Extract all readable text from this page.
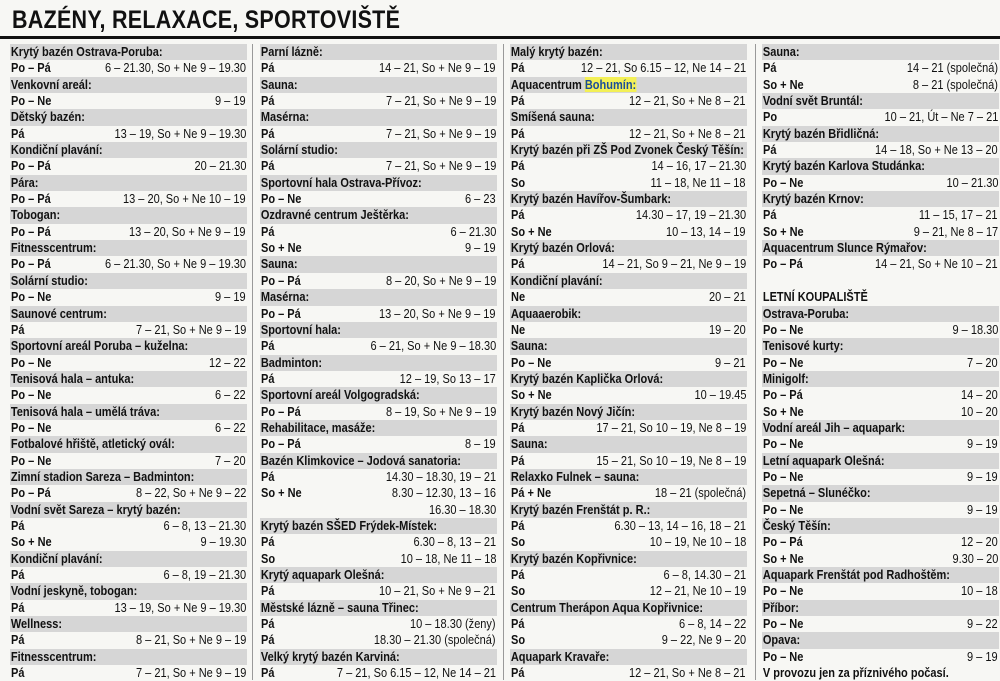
BAZÉNY, RELAXACE, SPORTOVIŠTĚ
Krytý bazén Ostrava-Poruba:
Po – Pá	6 – 21.30, So + Ne 9 – 19.30
Venkovní areál:
Po – Ne	9 – 19
Dětský bazén:
Pá	13 – 19, So + Ne 9 – 19.30
Kondiční plavání:
Po – Pá	20 – 21.30
Pára:
Po – Pá	13 – 20, So + Ne 10 – 19
Tobogan:
Po – Pá	13 – 20, So + Ne 9 – 19
Fitnesscentrum:
Po – Pá	6 – 21.30, So + Ne 9 – 19.30
Solární studio:
Po – Ne	9 – 19
Saunové centrum:
Pá	7 – 21, So + Ne 9 – 19
Sportovní areál Poruba – kuželna:
Po – Ne	12 – 22
Tenisová hala – antuka:
Po – Ne	6 – 22
Tenisová hala – umělá tráva:
Po – Ne	6 – 22
Fotbalové hřiště, atletický ovál:
Po – Ne	7 – 20
Zimní stadion Sareza – Badminton:
Po – Pá	8 – 22, So + Ne 9 – 22
Vodní svět Sareza – krytý bazén:
Pá	6 – 8, 13 – 21.30
So + Ne	9 – 19.30
Kondiční plavání:
Pá	6 – 8, 19 – 21.30
Vodní jeskyně, tobogan:
Pá	13 – 19, So + Ne 9 – 19.30
Wellness:
Pá	8 – 21, So + Ne 9 – 19
Fitnesscentrum:
Pá	7 – 21, So + Ne 9 – 19
Parní lázně:
Pá	14 – 21, So + Ne 9 – 19
Sauna:
Pá	7 – 21, So + Ne 9 – 19
Masérna:
Pá	7 – 21, So + Ne 9 – 19
Solární studio:
Pá	7 – 21, So + Ne 9 – 19
Sportovní hala Ostrava-Přívoz:
Po – Ne	6 – 23
Ozdravné centrum Ještěrka:
Pá	6 – 21.30
So + Ne	9 – 19
Sauna:
Po – Pá	8 – 20, So + Ne 9 – 19
Masérna:
Po – Pá	13 – 20, So + Ne 9 – 19
Sportovní hala:
Pá	6 – 21, So + Ne 9 – 18.30
Badminton:
Pá	12 – 19, So 13 – 17
Sportovní areál Volgogradská:
Po – Pá	8 – 19, So + Ne 9 – 19
Rehabilitace, masáže:
Po – Pá	8 – 19
Bazén Klimkovice – Jodová sanatoria:
Pá	14.30 – 18.30, 19 – 21
So + Ne	8.30 – 12.30, 13 – 16
16.30 – 18.30
Krytý bazén SŠED Frýdek-Místek:
Pá	6.30 – 8, 13 – 21
So	10 – 18, Ne 11 – 18
Krytý aquapark Olešná:
Pá	10 – 21, So + Ne 9 – 21
Městské lázně – sauna Třinec:
Pá	10 – 18.30 (ženy)
Pá	18.30 – 21.30 (společná)
Velký krytý bazén Karviná:
Pá	7 – 21, So 6.15 – 12, Ne 14 – 21
Malý krytý bazén:
Pá	12 – 21, So 6.15 – 12, Ne 14 – 21
Aquacentrum Bohumín:
Pá	12 – 21, So + Ne 8 – 21
Smíšená sauna:
Pá	12 – 21, So + Ne 8 – 21
Krytý bazén při ZŠ Pod Zvonek Český Těšín:
Pá	14 – 16, 17 – 21.30
So	11 – 18, Ne 11 – 18
Krytý bazén Havířov-Šumbark:
Pá	14.30 – 17, 19 – 21.30
So + Ne	10 – 13, 14 – 19
Krytý bazén Orlová:
Pá	14 – 21, So 9 – 21, Ne 9 – 19
Kondiční plavání:
Ne	20 – 21
Aquaaerobik:
Ne	19 – 20
Sauna:
Po – Ne	9 – 21
Krytý bazén Kaplička Orlová:
So + Ne	10 – 19.45
Krytý bazén Nový Jičín:
Pá	17 – 21, So 10 – 19, Ne 8 – 19
Sauna:
Pá	15 – 21, So 10 – 19, Ne 8 – 19
Relaxko Fulnek – sauna:
Pá + Ne	18 – 21 (společná)
Krytý bazén Frenštát p. R.:
Pá	6.30 – 13, 14 – 16, 18 – 21
So	10 – 19, Ne 10 – 18
Krytý bazén Kopřivnice:
Pá	6 – 8, 14.30 – 21
So	12 – 21, Ne 10 – 19
Centrum Therápon Aqua Kopřivnice:
Pá	6 – 8, 14 – 22
So	9 – 22, Ne 9 – 20
Aquapark Kravaře:
Pá	12 – 21, So + Ne 8 – 21
Sauna:
Pá	14 – 21 (společná)
So + Ne	8 – 21 (společná)
Vodní svět Bruntál:
Po	10 – 21, Út – Ne 7 – 21
Krytý bazén Břidličná:
Pá	14 – 18, So + Ne 13 – 20
Krytý bazén Karlova Studánka:
Po – Ne	10 – 21.30
Krytý bazén Krnov:
Pá	11 – 15, 17 – 21
So + Ne	9 – 21, Ne 8 – 17
Aquacentrum Slunce Rýmařov:
Po – Pá	14 – 21, So + Ne 10 – 21
LETNÍ KOUPALIŠTĚ
Ostrava-Poruba:
Po – Ne	9 – 18.30
Tenisové kurty:
Po – Ne	7 – 20
Minigolf:
Po – Pá	14 – 20
So + Ne	10 – 20
Vodní areál Jih – aquapark:
Po – Ne	9 – 19
Letní aquapark Olešná:
Po – Ne	9 – 19
Sepetná – Slunéčko:
Po – Ne	9 – 19
Český Těšín:
Po – Pá	12 – 20
So + Ne	9.30 – 20
Aquapark Frenštát pod Radhoštěm:
Po – Ne	10 – 18
Příbor:
Po – Ne	9 – 22
Opava:
Po – Ne	9 – 19
V provozu jen za příznivého počasí.
